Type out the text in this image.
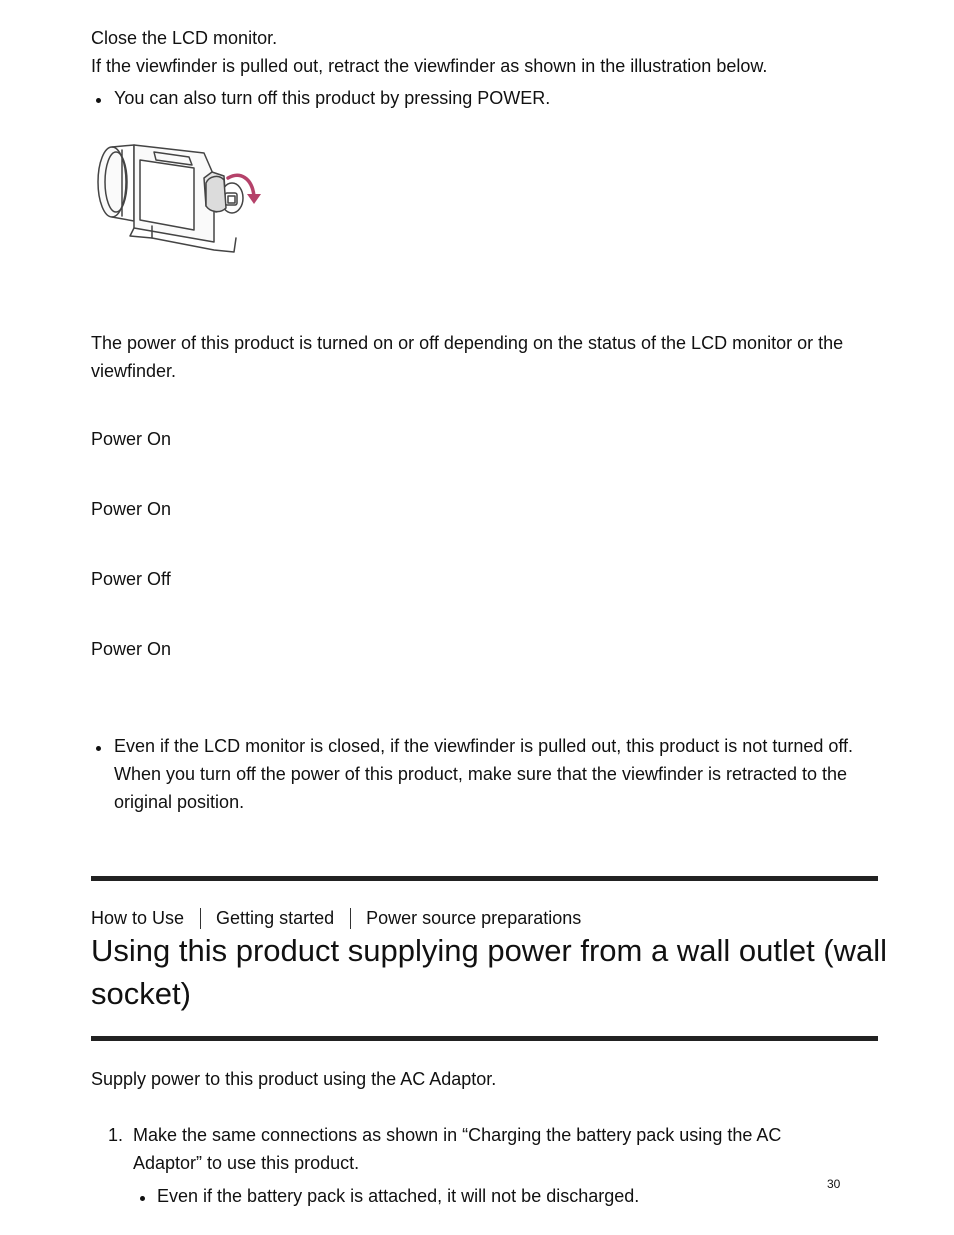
Close the LCD monitor.

If the viewfinder is pulled out, retract the viewfinder as shown in the illustration below.

You can also turn off this product by pressing POWER.

The power of this product is turned on or off depending on the status of the LCD monitor or the viewfinder.

Power On

Power On

Power Off

Power On

Even if the LCD monitor is closed, if the viewfinder is pulled out, this product is not turned off. When you turn off the power of this product, make sure that the viewfinder is retracted to the original position.

How to Use Getting started Power source preparations
Using this product supplying power from a wall outlet (wall socket)

Supply power to this product using the AC Adaptor.

1. Make the same connections as shown in “Charging the battery pack using the AC Adaptor” to use this product.

Even if the battery pack is attached, it will not be discharged.

30
